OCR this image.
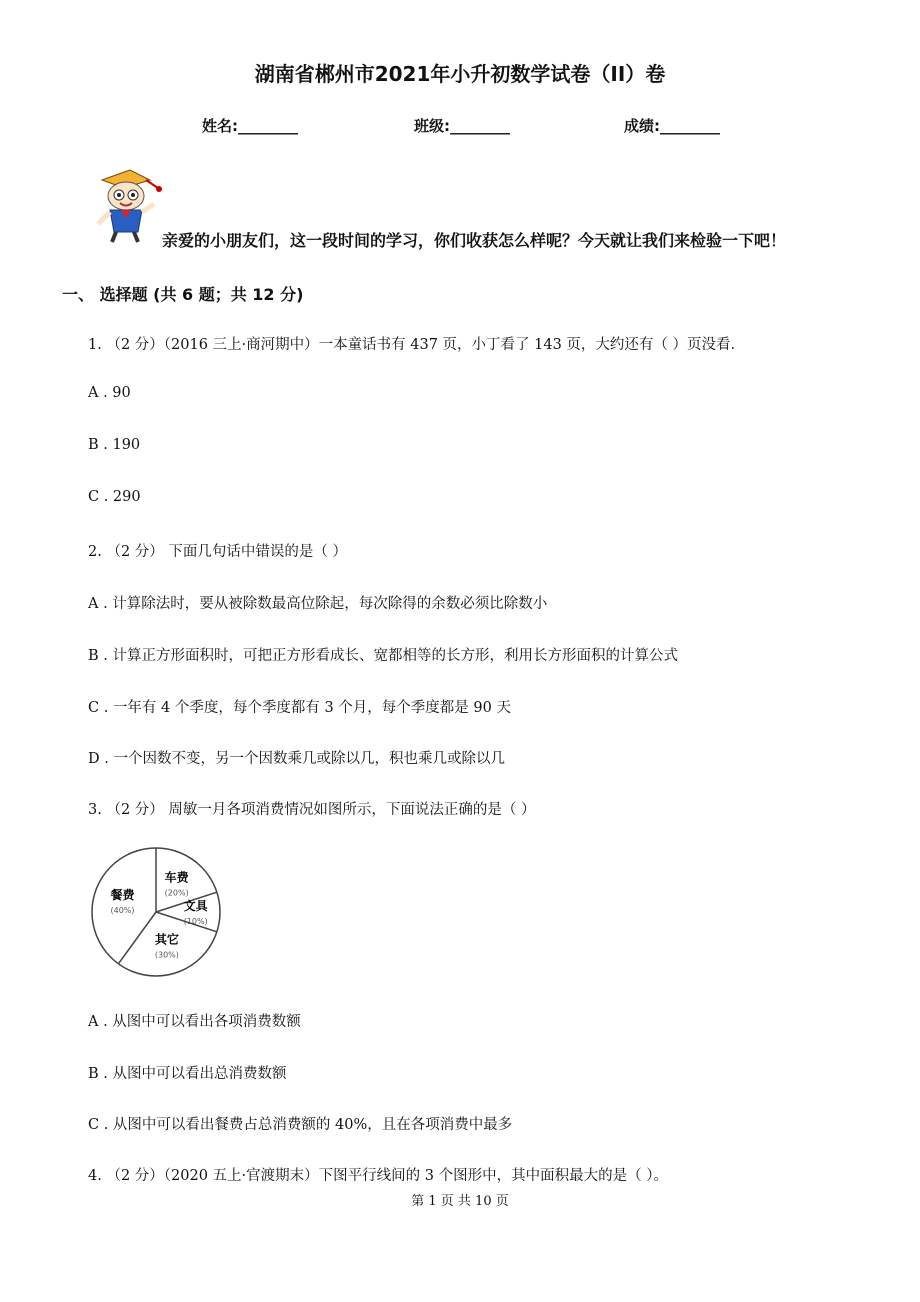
湖南省郴州市2021年小升初数学试卷（II）卷
姓名:________	班级:________	成绩:________
亲爱的小朋友们，这一段时间的学习，你们收获怎么样呢？今天就让我们来检验一下吧！
一、 选择题 (共 6 题；共 12 分)
1. （2 分）（2016 三上·商河期中）一本童话书有 437 页，小丁看了 143 页，大约还有（ ）页没看.
A . 90
B . 190
C . 290
2. （2 分） 下面几句话中错误的是（ ）
A . 计算除法时，要从被除数最高位除起，每次除得的余数必须比除数小
B . 计算正方形面积时，可把正方形看成长、宽都相等的长方形，利用长方形面积的计算公式
C . 一年有 4 个季度，每个季度都有 3 个月，每个季度都是 90 天
D . 一个因数不变，另一个因数乘几或除以几，积也乘几或除以几
3. （2 分） 周敏一月各项消费情况如图所示，下面说法正确的是（ ）
餐费
(40%)
车费
(20%)
文具
(10%)
其它
(30%)
A . 从图中可以看出各项消费数额
B . 从图中可以看出总消费数额
C . 从图中可以看出餐费占总消费额的 40%，且在各项消费中最多
4. （2 分）（2020 五上·官渡期末）下图平行线间的 3 个图形中，其中面积最大的是（ ）。
第 1 页 共 10 页
